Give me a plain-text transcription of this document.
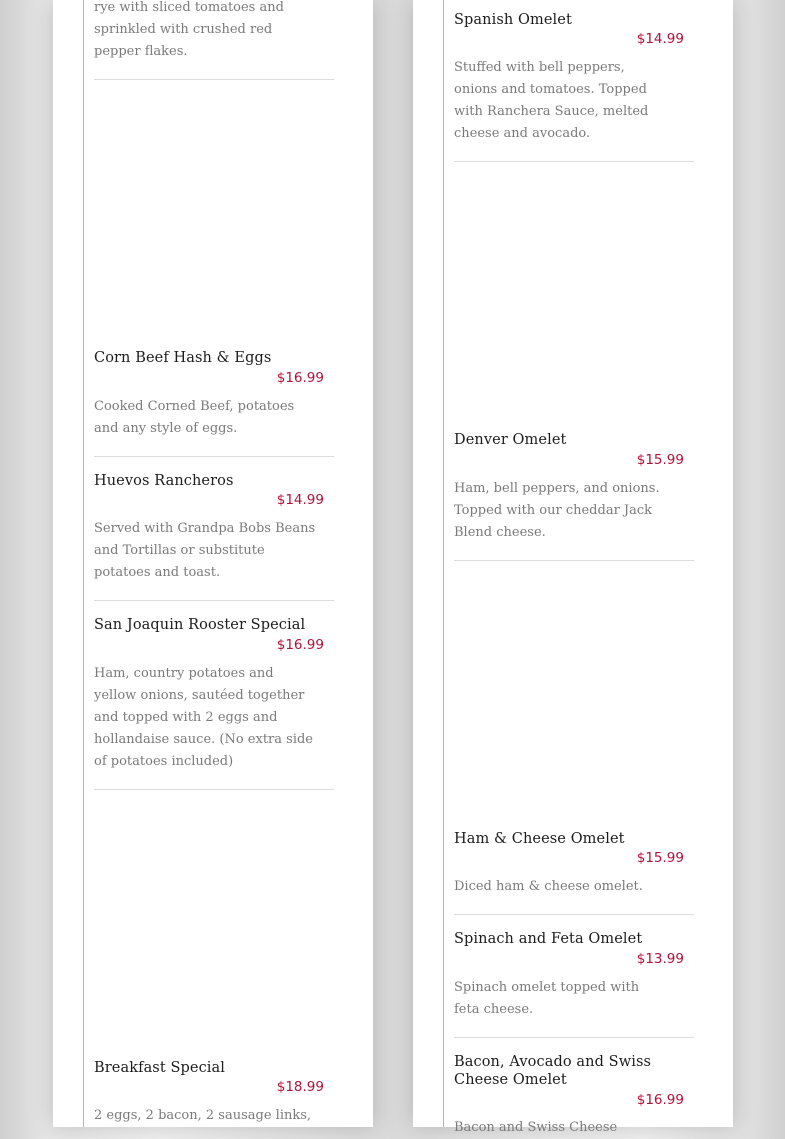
rye with sliced tomatoes and sprinkled with crushed red pepper flakes.
Corn Beef Hash & Eggs
$16.99
Cooked Corned Beef, potatoes and any style of eggs.
Huevos Rancheros
$14.99
Served with Grandpa Bobs Beans and Tortillas or substitute potatoes and toast.
San Joaquin Rooster Special
$16.99
Ham, country potatoes and yellow onions, sautéed together and topped with 2 eggs and hollandaise sauce. (No extra side of potatoes included)
Breakfast Special
$18.99
2 eggs, 2 bacon, 2 sausage links,
Spanish Omelet
$14.99
Stuffed with bell peppers, onions and tomatoes. Topped with Ranchera Sauce, melted cheese and avocado.
Denver Omelet
$15.99
Ham, bell peppers, and onions. Topped with our cheddar Jack Blend cheese.
Ham & Cheese Omelet
$15.99
Diced ham & cheese omelet.
Spinach and Feta Omelet
$13.99
Spinach omelet topped with feta cheese.
Bacon, Avocado and Swiss Cheese Omelet
$16.99
Bacon and Swiss Cheese
